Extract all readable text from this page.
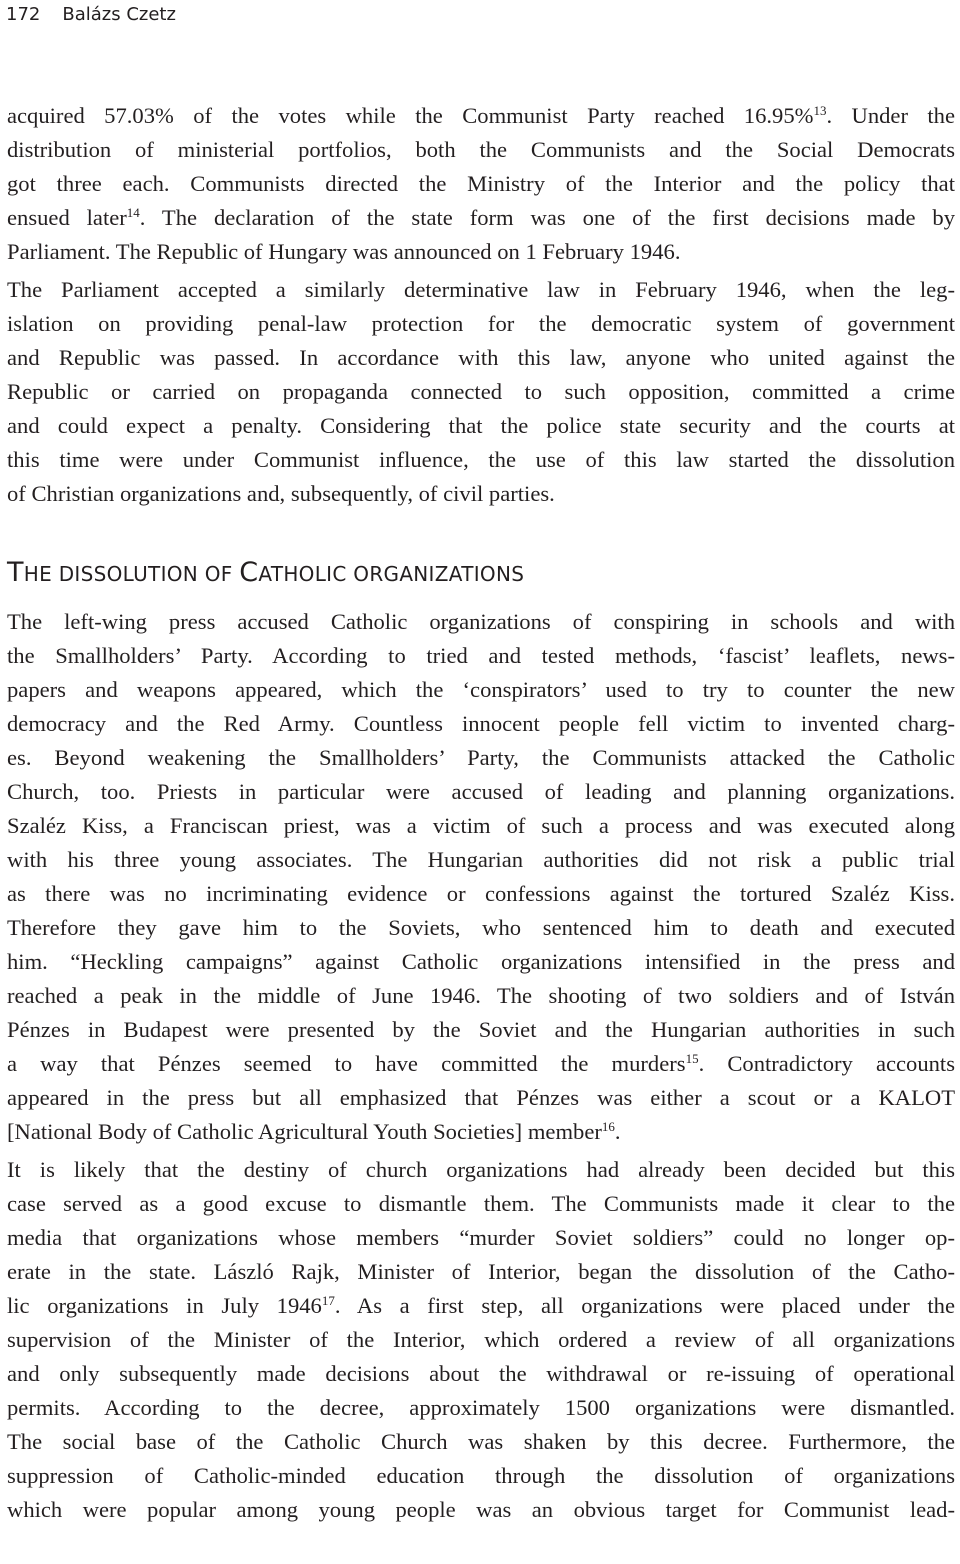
172 Balázs Czetz

acquired 57.03% of the votes while the Communist Party reached 16.95%$^{13}$. Under the
distribution of ministerial portfolios, both the Communists and the Social Democrats
got three each. Communists directed the Ministry of the Interior and the policy that
ensued later$^{14}$. The declaration of the state form was one of the first decisions made by
Parliament. The Republic of Hungary was announced on 1 February 1946.

The Parliament accepted a similarly determinative law in February 1946, when the leg-
islation on providing penal-law protection for the democratic system of government
and Republic was passed. In accordance with this law, anyone who united against the
Republic or carried on propaganda connected to such opposition, committed a crime
and could expect a penalty. Considering that the police state security and the courts at
this time were under Communist influence, the use of this law started the dissolution
of Christian organizations and, subsequently, of civil parties.

THE DISSOLUTION OF CATHOLIC ORGANIZATIONS

The left-wing press accused Catholic organizations of conspiring in schools and with
the Smallholders’ Party. According to tried and tested methods, ‘fascist’ leaflets, news-
papers and weapons appeared, which the ‘conspirators’ used to try to counter the new
democracy and the Red Army. Countless innocent people fell victim to invented charg-
es. Beyond weakening the Smallholders’ Party, the Communists attacked the Catholic
Church, too. Priests in particular were accused of leading and planning organizations.
Szaléz Kiss, a Franciscan priest, was a victim of such a process and was executed along
with his three young associates. The Hungarian authorities did not risk a public trial
as there was no incriminating evidence or confessions against the tortured Szaléz Kiss.
Therefore they gave him to the Soviets, who sentenced him to death and executed
him. “Heckling campaigns” against Catholic organizations intensified in the press and
reached a peak in the middle of June 1946. The shooting of two soldiers and of István
Pénzes in Budapest were presented by the Soviet and the Hungarian authorities in such
a way that Pénzes seemed to have committed the murders$^{15}$. Contradictory accounts
appeared in the press but all emphasized that Pénzes was either a scout or a KALOT
[National Body of Catholic Agricultural Youth Societies] member$^{16}$.

It is likely that the destiny of church organizations had already been decided but this
case served as a good excuse to dismantle them. The Communists made it clear to the
media that organizations whose members “murder Soviet soldiers” could no longer op-
erate in the state. László Rajk, Minister of Interior, began the dissolution of the Catho-
lic organizations in July 1946$^{17}$. As a first step, all organizations were placed under the
supervision of the Minister of the Interior, which ordered a review of all organizations
and only subsequently made decisions about the withdrawal or re-issuing of operational
permits. According to the decree, approximately 1500 organizations were dismantled.
The social base of the Catholic Church was shaken by this decree. Furthermore, the
suppression of Catholic-minded education through the dissolution of organizations
which were popular among young people was an obvious target for Communist lead-
